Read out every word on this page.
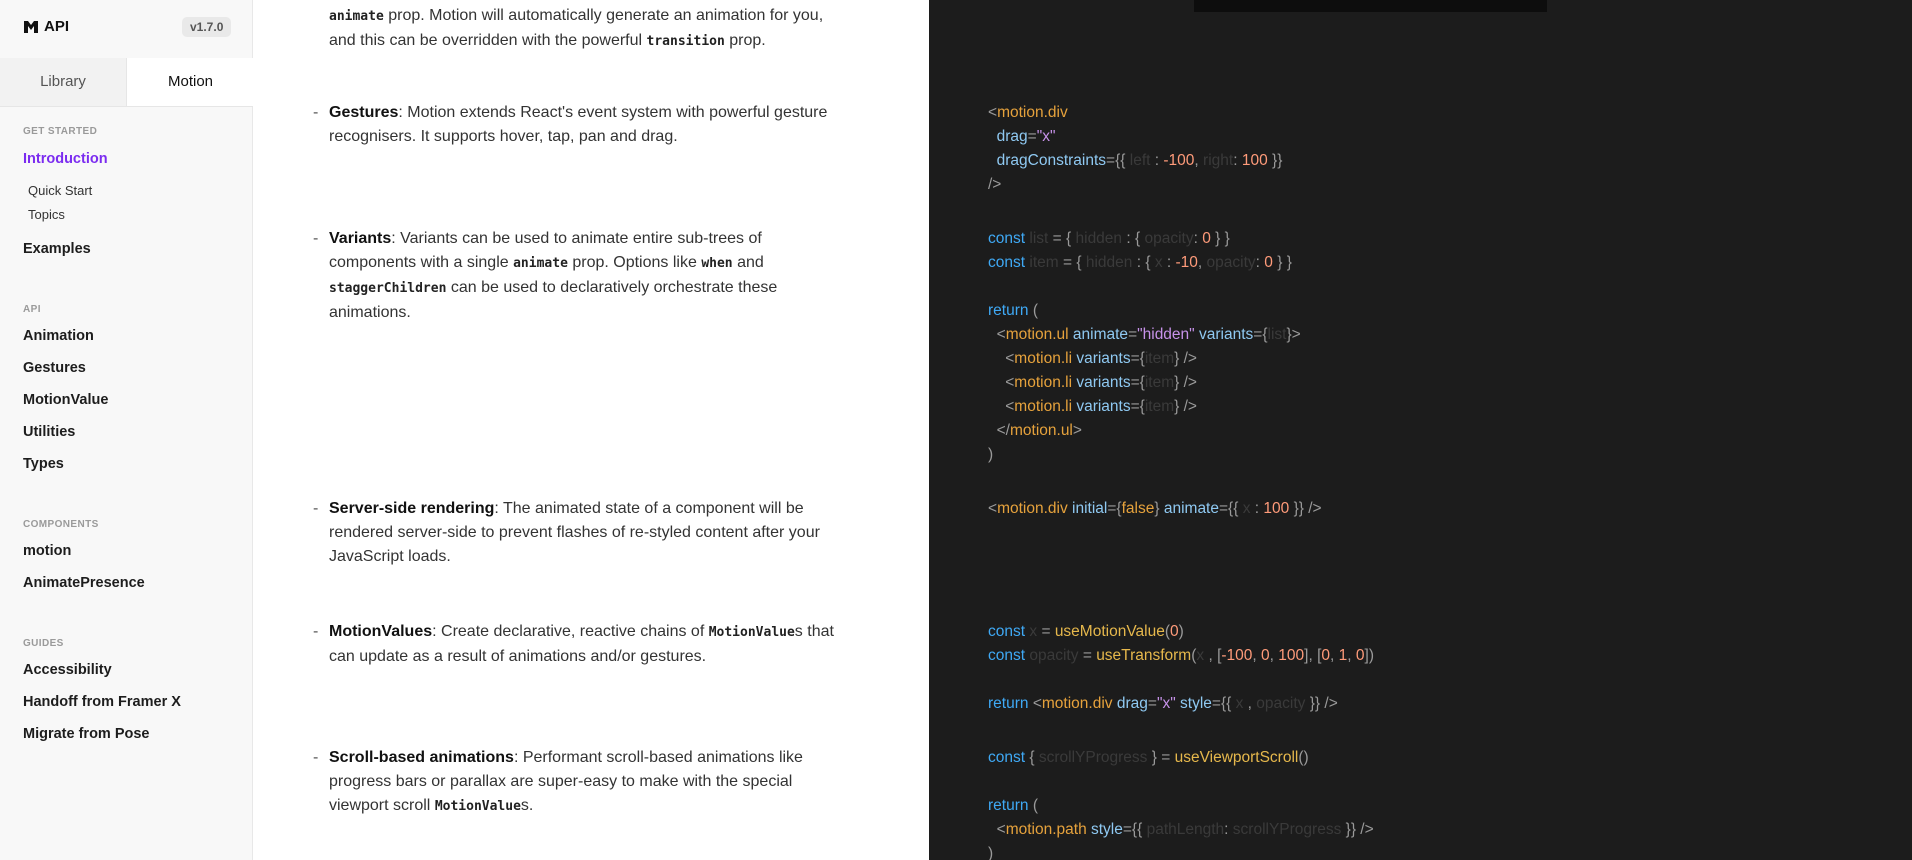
API	v1.7.0
Library	Motion
GET STARTED
Introduction
Quick Start
Topics
Examples
API
Animation
Gestures
MotionValue
Utilities
Types
COMPONENTS
motion
AnimatePresence
GUIDES
Accessibility
Handoff from Framer X
Migrate from Pose
animate prop. Motion will automatically generate an animation for you, and this can be overridden with the powerful transition prop.
- Gestures: Motion extends React's event system with powerful gesture recognisers. It supports hover, tap, pan and drag.
- Variants: Variants can be used to animate entire sub-trees of components with a single animate prop. Options like when and staggerChildren can be used to declaratively orchestrate these animations.
- Server-side rendering: The animated state of a component will be rendered server-side to prevent flashes of re-styled content after your JavaScript loads.
- MotionValues: Create declarative, reactive chains of MotionValues that can update as a result of animations and/or gestures.
- Scroll-based animations: Performant scroll-based animations like progress bars or parallax are super-easy to make with the special viewport scroll MotionValues.
<motion.div
drag="x"
dragConstraints={{ left : -100, right: 100 }}
/>
const list = { hidden : { opacity: 0 } }
const item = { hidden : { x : -10, opacity: 0 } }

return (
<motion.ul animate="hidden" variants={list}>
<motion.li variants={item} />
<motion.li variants={item} />
<motion.li variants={item} />
</motion.ul>
)
<motion.div initial={false} animate={{ x : 100 }} />
const x = useMotionValue(0)
const opacity = useTransform(x , [-100, 0, 100], [0, 1, 0])

return <motion.div drag="x" style={{ x , opacity }} />
const { scrollYProgress } = useViewportScroll()

return (
<motion.path style={{ pathLength: scrollYProgress }} />
)
